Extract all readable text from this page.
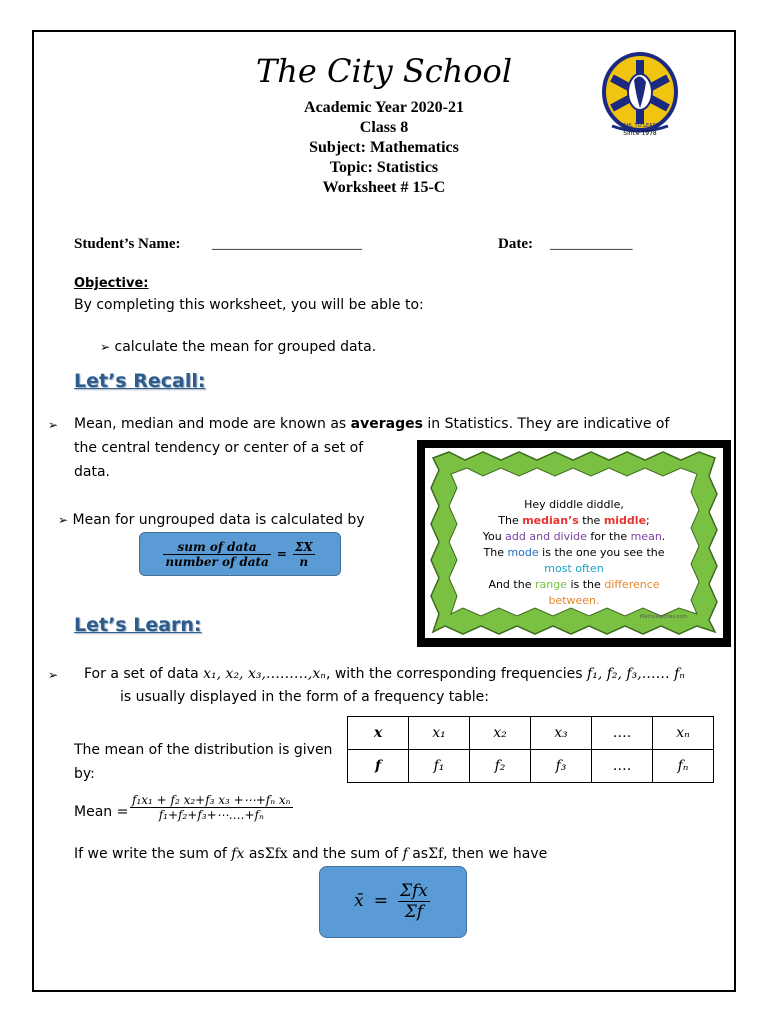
The City School
Academic Year 2020-21
Class 8
Subject: Mathematics
Topic: Statistics
Worksheet # 15-C
TAHL TO LEARN
Since 1978
Student’s Name: ____________________	Date: ___________
Objective:
By completing this worksheet, you will be able to:
➢ calculate the mean for grouped data.
Let’s Recall:
➢ Mean, median and mode are known as averages in Statistics. They are indicative of
the central tendency or center of a set of
data.
➢ Mean for ungrouped data is calculated by
$\frac{\text{sum of data}}{\text{number of data}} = \frac{\Sigma X}{n}$
Hey diddle diddle,
The median’s the middle;
You add and divide for the mean.
The mode is the one you see the
most often
And the range is the difference
between.
MathsTeaches.com
Let’s Learn:
➢ For a set of data x₁, x₂, x₃,………,xₙ, with the corresponding frequencies f₁, f₂, f₃,…… fₙ
is usually displayed in the form of a frequency table:
x	x₁	x₂	x₃	….	xₙ
f	f₁	f₂	f₃	….	fₙ
The mean of the distribution is given
by:
Mean = $\frac{\text{f₁x₁ + f₂ x₂+f₃ x₃ +⋯+fₙ xₙ}}{\text{f₁+f₂+f₃+⋯….+fₙ}}$
If we write the sum of fx asΣfx and the sum of f asΣf, then we have
x̄ = $\frac{\text{Σfx}}{\Sigma f}$
